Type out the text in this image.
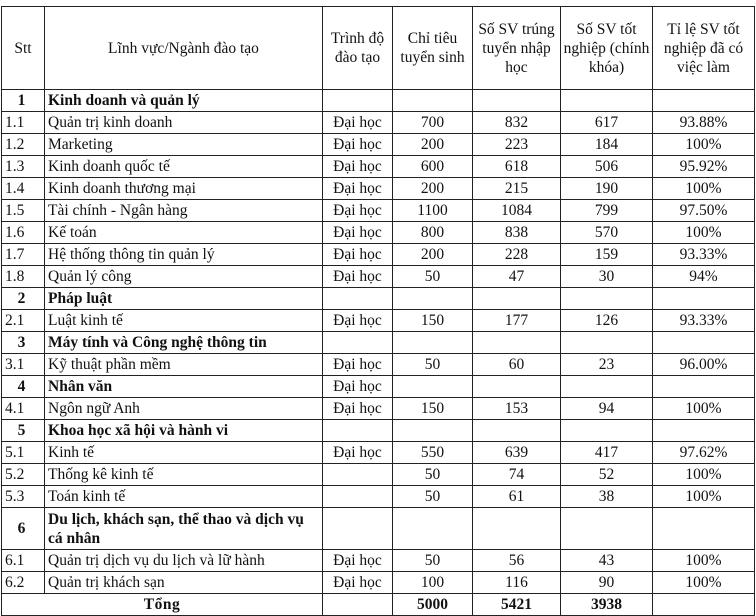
Stt	Lĩnh vực/Ngành đào tạo	Trình độ đào tạo	Chỉ tiêu tuyển sinh	Số SV trúng tuyển nhập học	Số SV tốt nghiệp (chính khóa)	Tỉ lệ SV tốt nghiệp đã có việc làm
1	Kinh doanh và quản lý					
1.1	Quản trị kinh doanh	Đại học	700	832	617	93.88%
1.2	Marketing	Đại học	200	223	184	100%
1.3	Kinh doanh quốc tế	Đại học	600	618	506	95.92%
1.4	Kinh doanh thương mại	Đại học	200	215	190	100%
1.5	Tài chính - Ngân hàng	Đại học	1100	1084	799	97.50%
1.6	Kế toán	Đại học	800	838	570	100%
1.7	Hệ thống thông tin quản lý	Đại học	200	228	159	93.33%
1.8	Quản lý công	Đại học	50	47	30	94%
2	Pháp luật					
2.1	Luật kinh tế	Đại học	150	177	126	93.33%
3	Máy tính và Công nghệ thông tin					
3.1	Kỹ thuật phần mềm	Đại học	50	60	23	96.00%
4	Nhân văn	Đại học				
4.1	Ngôn ngữ Anh	Đại học	150	153	94	100%
5	Khoa học xã hội và hành vi					
5.1	Kinh tế	Đại học	550	639	417	97.62%
5.2	Thống kê kinh tế		50	74	52	100%
5.3	Toán kinh tế		50	61	38	100%
6	Du lịch, khách sạn, thể thao và dịch vụ cá nhân					
6.1	Quản trị dịch vụ du lịch và lữ hành	Đại học	50	56	43	100%
6.2	Quản trị khách sạn	Đại học	100	116	90	100%
Tổng			5000	5421	3938	
